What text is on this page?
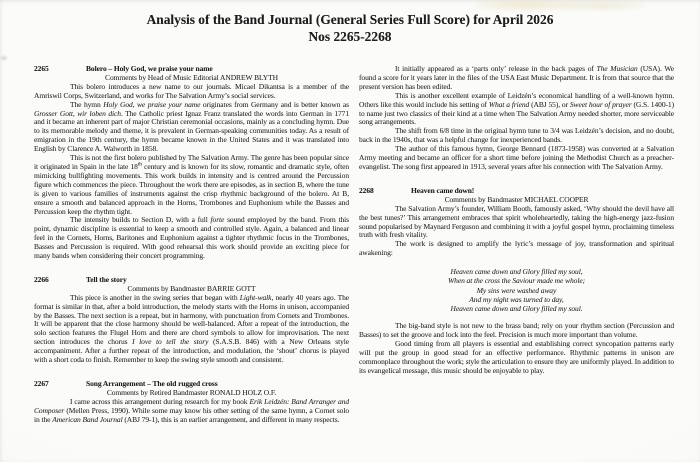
Analysis of the Band Journal (General Series Full Score) for April 2026
Nos 2265-2268
2265	Bolero – Holy God, we praise your name
Comments by Head of Music Editorial ANDREW BLYTH

This bolero introduces a new name to our journals. Micael Dikantsa is a member of the Amriswil Corps, Switzerland, and works for The Salvation Army’s social services.

The hymn Holy God, we praise your name originates from Germany and is better known as Grosser Gott, wir loben dich. The Catholic priest Ignaz Franz translated the words into German in 1771 and it became an inherent part of major Christian ceremonial occasions, mainly as a concluding hymn. Due to its memorable melody and theme, it is prevalent in German-speaking communities today. As a result of emigration in the 19th century, the hymn became known in the United States and it was translated into English by Clarence A. Walworth in 1858.

This is not the first bolero published by The Salvation Army. The genre has been popular since it originated in Spain in the late 18th century and is known for its slow, romantic and dramatic style, often mimicking bullfighting movements. This work builds in intensity and is centred around the Percussion figure which commences the piece. Throughout the work there are episodes, as in section B, where the tune is given to various families of instruments against the crisp rhythmic background of the bolero. At B, ensure a smooth and balanced approach in the Horns, Trombones and Euphonium while the Basses and Percussion keep the rhythm tight.

The intensity builds to Section D, with a full forte sound employed by the band. From this point, dynamic discipline is essential to keep a smooth and controlled style. Again, a balanced and linear feel in the Cornets, Horns, Baritones and Euphonium against a tighter rhythmic focus in the Trombones, Basses and Percussion is required. With good rehearsal this work should provide an exciting piece for many bands when considering their concert programming.

2266	Tell the story
Comments by Bandmaster BARRIE GOTT

This piece is another in the swing series that began with Light-walk, nearly 40 years ago. The format is similar in that, after a bold introduction, the melody starts with the Horns in unison, accompanied by the Basses. The next section is a repeat, but in harmony, with punctuation from Cornets and Trombones. It will be apparent that the close harmony should be well-balanced. After a repeat of the introduction, the solo section features the Flugel Horn and there are chord symbols to allow for improvisation. The next section introduces the chorus I love to tell the story (S.A.S.B. 846) with a New Orleans style accompaniment. After a further repeat of the introduction, and modulation, the ‘shout’ chorus is played with a short coda to finish. Remember to keep the swing style smooth and consistent.

2267	Song Arrangement – The old rugged cross
Comments by Retired Bandmaster RONALD HOLZ O.F.

I came across this arrangement during research for my book Erik Leidzén: Band Arranger and Composer (Mellen Press, 1990). While some may know his other setting of the same hymn, a Cornet solo in the American Band Journal (ABJ 79-1), this is an earlier arrangement, and different in many respects.

It initially appeared as a ‘parts only’ release in the back pages of The Musician (USA). We found a score for it years later in the files of the USA East Music Department. It is from that source that the present version has been edited.

This is another excellent example of Leidzén’s economical handling of a well-known hymn. Others like this would include his setting of What a friend (ABJ 55), or Sweet hour of prayer (G.S. 1400-1) to name just two classics of their kind at a time when The Salvation Army needed shorter, more serviceable song arrangements.

The shift from 6/8 time in the original hymn tune to 3/4 was Leidzén’s decision, and no doubt, back in the 1940s, that was a helpful change for inexperienced bands.

The author of this famous hymn, George Bennard (1873-1958) was converted at a Salvation Army meeting and became an officer for a short time before joining the Methodist Church as a preacher-evangelist. The song first appeared in 1913, several years after his connection with The Salvation Army.

2268	Heaven came down!
Comments by Bandmaster MICHAEL COOPER

The Salvation Army’s founder, William Booth, famously asked, ‘Why should the devil have all the best tunes?’ This arrangement embraces that spirit wholeheartedly, taking the high-energy jazz-fusion sound popularised by Maynard Ferguson and combining it with a joyful gospel hymn, proclaiming timeless truth with fresh vitality.

The work is designed to amplify the lyric’s message of joy, transformation and spiritual awakening:

Heaven came down and Glory filled my soul,
When at the cross the Saviour made me whole;
My sins were washed away
And my night was turned to day,
Heaven came down and Glory filled my soul.

The big-band style is not new to the brass band; rely on your rhythm section (Percussion and Basses) to set the groove and lock into the feel. Precision is much more important than volume.

Good timing from all players is essential and establishing correct syncopation patterns early will put the group in good stead for an effective performance. Rhythmic patterns in unison are commonplace throughout the work; style the articulation to ensure they are uniformly played. In addition to its evangelical message, this music should be enjoyable to play.
